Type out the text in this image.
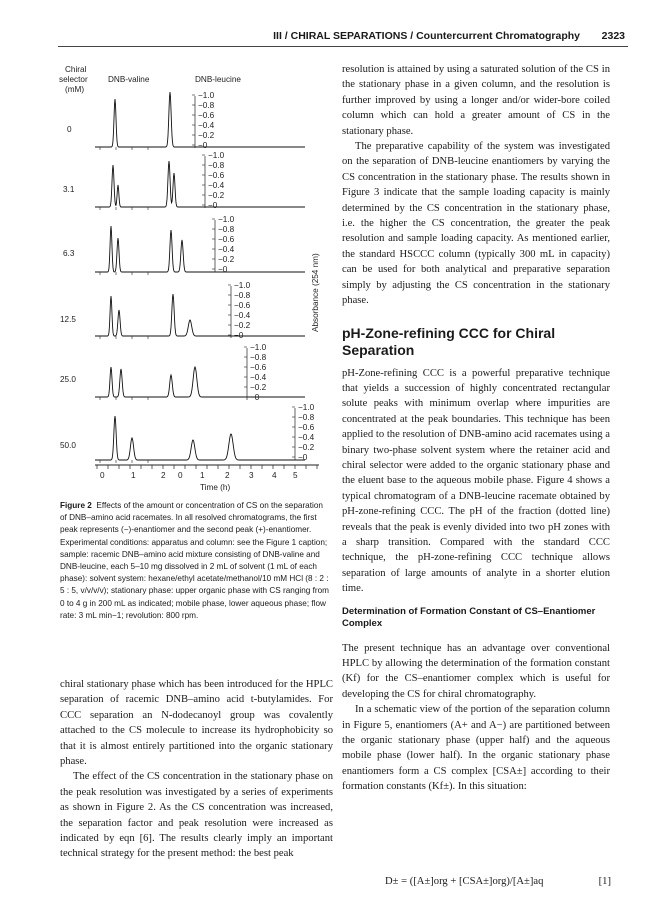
III / CHIRAL SEPARATIONS / Countercurrent Chromatography 2323
Chiral
selector
(mM)
DNB-valine	DNB-leucine
0
3.1
6.3
12.5
25.0
50.0
−1.0
−0.8
−0.6
−0.4
−0.2
−0
−1.0
−0.8
−0.6
−0.4
−0.2
−0
−1.0
−0.8
−0.6
−0.4
−0.2
−0
−1.0
−0.8
−0.6
−0.4
−0.2
−0
−1.0
−0.8
−0.6
−0.4
−0.2
−0
−1.0
−0.8
−0.6
−0.4
−0.2
−0
Absorbance (254 nm)
0	1	2 0 1 2 3 4 5
Time (h)
Figure 2 Effects of the amount or concentration of CS on the separation of DNB–amino acid racemates. In all resolved chromatograms, the first peak represents (−)-enantiomer and the second peak (+)-enantiomer. Experimental conditions: apparatus and column: see the Figure 1 caption; sample: racemic DNB–amino acid mixture consisting of DNB-valine and DNB-leucine, each 5–10 mg dissolved in 2 mL of solvent (1 mL of each phase): solvent system: hexane/ethyl acetate/methanol/10 mM HCl (8 : 2 : 5 : 5, v/v/v/v); stationary phase: upper organic phase with CS ranging from 0 to 4 g in 200 mL as indicated; mobile phase, lower aqueous phase; flow rate: 3 mL min−1; revolution: 800 rpm.

chiral stationary phase which has been introduced for the HPLC separation of racemic DNB–amino acid t-butylamides. For CCC separation an N-dodecanoyl group was covalently attached to the CS molecule to increase its hydrophobicity so that it is almost entirely partitioned into the organic stationary phase.

The effect of the CS concentration in the stationary phase on the peak resolution was investigated by a series of experiments as shown in Figure 2. As the CS concentration was increased, the separation factor and peak resolution were increased as indicated by eqn [6]. The results clearly imply an important technical strategy for the present method: the best peak

resolution is attained by using a saturated solution of the CS in the stationary phase in a given column, and the resolution is further improved by using a longer and/or wider-bore coiled column which can hold a greater amount of CS in the stationary phase.

The preparative capability of the system was investigated on the separation of DNB-leucine enantiomers by varying the CS concentration in the stationary phase. The results shown in Figure 3 indicate that the sample loading capacity is mainly determined by the CS concentration in the stationary phase, i.e. the higher the CS concentration, the greater the peak resolution and sample loading capacity. As mentioned earlier, the standard HSCCC column (typically 300 mL in capacity) can be used for both analytical and preparative separation simply by adjusting the CS concentration in the stationary phase.

pH-Zone-refining CCC for Chiral Separation

pH-Zone-refining CCC is a powerful preparative technique that yields a succession of highly concentrated rectangular solute peaks with minimum overlap where impurities are concentrated at the peak boundaries. This technique has been applied to the resolution of DNB-amino acid racemates using a binary two-phase solvent system where the retainer acid and chiral selector were added to the organic stationary phase and the eluent base to the aqueous mobile phase. Figure 4 shows a typical chromatogram of a DNB-leucine racemate obtained by pH-zone-refining CCC. The pH of the fraction (dotted line) reveals that the peak is evenly divided into two pH zones with a sharp transition. Compared with the standard CCC technique, the pH-zone-refining CCC technique allows separation of large amounts of analyte in a shorter elution time.

Determination of Formation Constant of CS–Enantiomer Complex

The present technique has an advantage over conventional HPLC by allowing the determination of the formation constant (Kf) for the CS–enantiomer complex which is useful for developing the CS for chiral chromatography.

In a schematic view of the portion of the separation column in Figure 5, enantiomers (A+ and A−) are partitioned between the organic stationary phase (upper half) and the aqueous mobile phase (lower half). In the organic stationary phase enantiomers form a CS complex [CSA±] according to their formation constants (Kf±). In this situation:

D± = ([A±]org + [CSA±]org)/[A±]aq	[1]
